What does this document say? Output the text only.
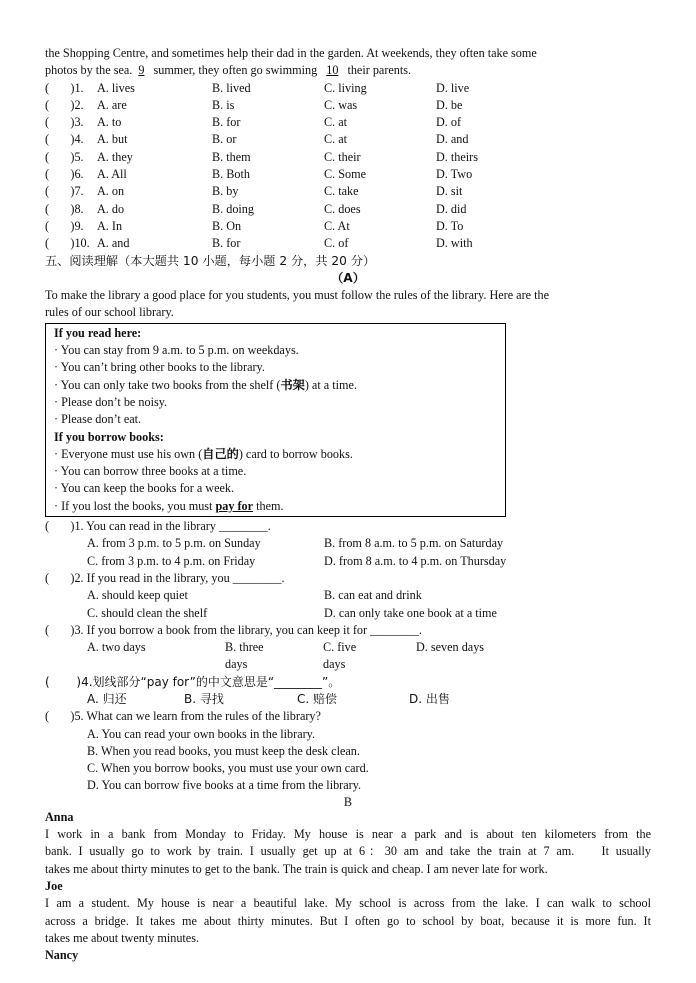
the Shopping Centre, and sometimes help their dad in the garden. At weekends, they often take some
photos by the sea. 9 summer, they often go swimming 10 their parents.
(       )1. A. lives	B. lived	C. living	D. live
(       )2. A. are	B. is	C. was	D. be
(       )3. A. to	B. for	C. at	D. of
(       )4. A. but	B. or	C. at	D. and
(       )5. A. they	B. them	C. their	D. theirs
(       )6. A. All	B. Both	C. Some	D. Two
(       )7. A. on	B. by	C. take	D. sit
(       )8. A. do	B. doing	C. does	D. did
(       )9. A. In	B. On	C. At	D. To
(       )10. A. and	B. for	C. of	D. with
五、阅读理解（本大题共 10 小题，每小题 2 分，共 20 分）
（A）
To make the library a good place for you students, you must follow the rules of the library. Here are the
rules of our school library.
If you read here:
· You can stay from 9 a.m. to 5 p.m. on weekdays.
· You can’t bring other books to the library.
· You can only take two books from the shelf (书架) at a time.
· Please don’t be noisy.
· Please don’t eat.
If you borrow books:
· Everyone must use his own (自己的) card to borrow books.
· You can borrow three books at a time.
· You can keep the books for a week.
· If you lost the books, you must pay for them.
(       )1. You can read in the library ________.
A. from 3 p.m. to 5 p.m. on Sunday	B. from 8 a.m. to 5 p.m. on Saturday
C. from 3 p.m. to 4 p.m. on Friday	D. from 8 a.m. to 4 p.m. on Thursday
(       )2. If you read in the library, you ________.
A. should keep quiet	B. can eat and drink
C. should clean the shelf	D. can only take one book at a time
(       )3. If you borrow a book from the library, you can keep it for ________.
A. two days	B. three days
C. five days
D. seven days
(       )4.划线部分“pay for”的中文意思是“________”。
A. 归还	B. 寻找	C. 赔偿	D. 出售
(       )5. What can we learn from the rules of the library?
A. You can read your own books in the library.
B. When you read books, you must keep the desk clean.
C. When you borrow books, you must use your own card.
D. You can borrow five books at a time from the library.
B
Anna
I work in a bank from Monday to Friday. My house is near a park and is about ten kilometers from the
bank. I usually go to work by train. I usually get up at 6：30 am and take the train at 7 am.    It usually
takes me about thirty minutes to get to the bank. The train is quick and cheap. I am never late for work.
Joe
I am a student. My house is near a beautiful lake. My school is across from the lake. I can walk to school
across a bridge. It takes me about thirty minutes. But I often go to school by boat, because it is more fun. It
takes me about twenty minutes.
Nancy
